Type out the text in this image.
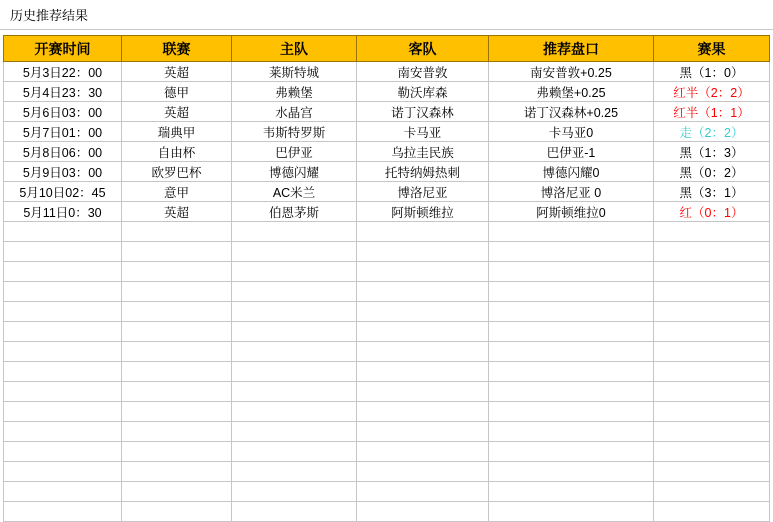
历史推荐结果
开赛时间	联赛	主队	客队	推荐盘口	赛果
5月3日22：00	英超	莱斯特城	南安普敦	南安普敦+0.25	黑（1：0）
5月4日23：30	德甲	弗赖堡	勒沃库森	弗赖堡+0.25	红半（2：2）
5月6日03：00	英超	水晶宫	诺丁汉森林	诺丁汉森林+0.25	红半（1：1）
5月7日01：00	瑞典甲	韦斯特罗斯	卡马亚	卡马亚0	走（2：2）
5月8日06：00	自由杯	巴伊亚	乌拉圭民族	巴伊亚-1	黑（1：3）
5月9日03：00	欧罗巴杯	博德闪耀	托特纳姆热刺	博德闪耀0	黑（0：2）
5月10日02：45	意甲	AC米兰	博洛尼亚	博洛尼亚 0	黑（3：1）
5月11日0：30	英超	伯恩茅斯	阿斯顿维拉	阿斯顿维拉0	红（0：1）
